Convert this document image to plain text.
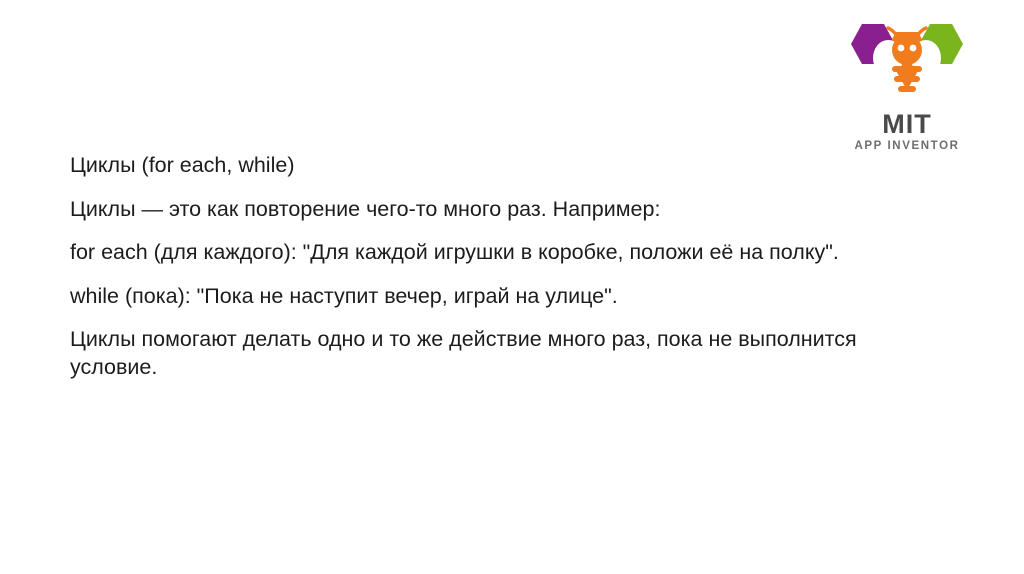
MIT
APP INVENTOR

Циклы (for each, while)

Циклы — это как повторение чего-то много раз. Например:

for each (для каждого): "Для каждой игрушки в коробке, положи её на полку".

while (пока): "Пока не наступит вечер, играй на улице".

Циклы помогают делать одно и то же действие много раз, пока не выполнится условие.
